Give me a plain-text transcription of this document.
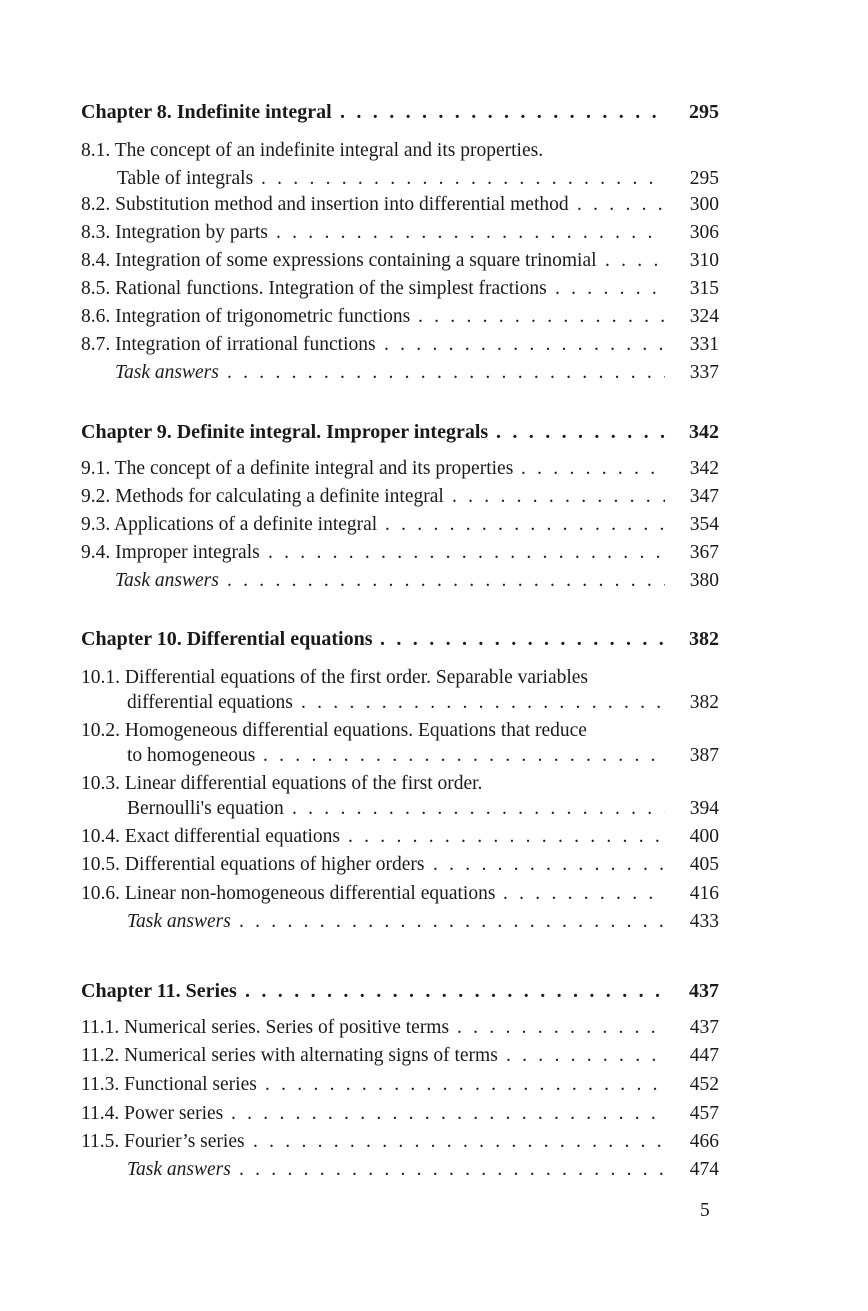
Chapter 8. Indefinite integral . . .	295
8.1. The concept of an indefinite integral and its properties.
Table of integrals . . .	295
8.2. Substitution method and insertion into differential method . . .	300
8.3. Integration by parts . . .	306
8.4. Integration of some expressions containing a square trinomial . . .	310
8.5. Rational functions. Integration of the simplest fractions . . .	315
8.6. Integration of trigonometric functions . . .	324
8.7. Integration of irrational functions . . .	331
Task answers . . .	337
Chapter 9. Definite integral. Improper integrals . . .	342
9.1. The concept of a definite integral and its properties . . .	342
9.2. Methods for calculating a definite integral . . .	347
9.3. Applications of a definite integral . . .	354
9.4. Improper integrals . . .	367
Task answers . . .	380
Chapter 10. Differential equations . . .	382
10.1. Differential equations of the first order. Separable variables
differential equations . . .	382
10.2. Homogeneous differential equations. Equations that reduce
to homogeneous . . .	387
10.3. Linear differential equations of the first order.
Bernoulli's equation . . .	394
10.4. Exact differential equations . . .	400
10.5. Differential equations of higher orders . . .	405
10.6. Linear non-homogeneous differential equations . . .	416
Task answers . . .	433
Chapter 11. Series . . .	437
11.1. Numerical series. Series of positive terms . . .	437
11.2. Numerical series with alternating signs of terms . . .	447
11.3. Functional series . . .	452
11.4. Power series . . .	457
11.5. Fourier’s series . . .	466
Task answers . . .	474
5
